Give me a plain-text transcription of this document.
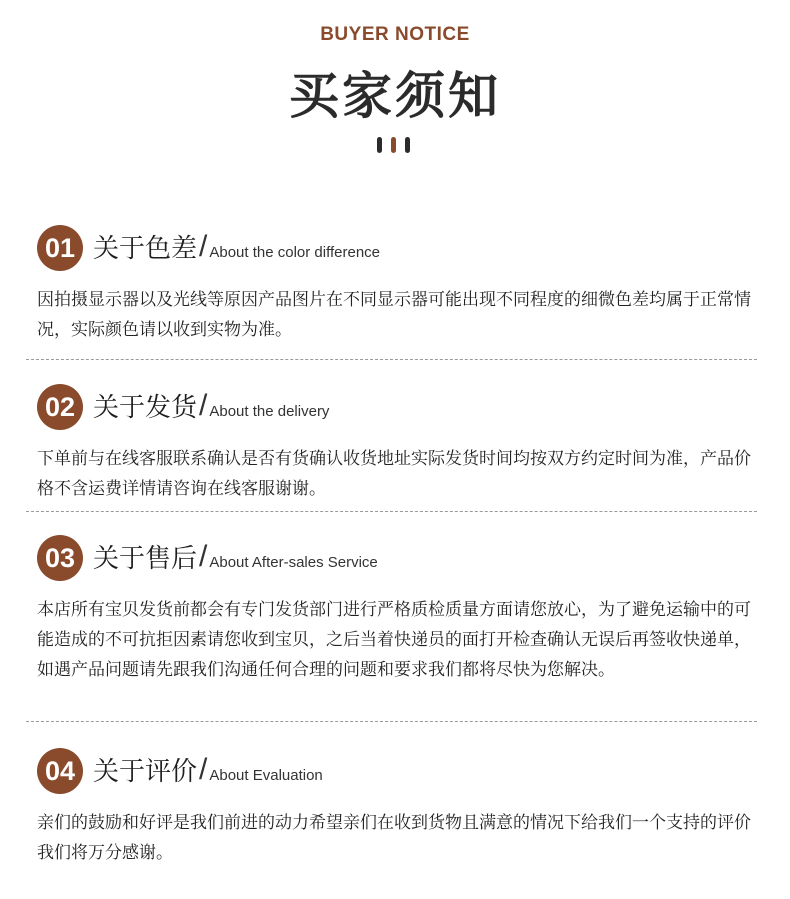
BUYER NOTICE
买家须知
01 关于色差/ About the color difference
因拍摄显示器以及光线等原因产品图片在不同显示器可能出现不同程度的细微色差均属于正常情况，实际颜色请以收到实物为准。
02 关于发货/ About the delivery
下单前与在线客服联系确认是否有货确认收货地址实际发货时间均按双方约定时间为准，产品价格不含运费详情请咨询在线客服谢谢。
03 关于售后/ About After-sales Service
本店所有宝贝发货前都会有专门发货部门进行严格质检质量方面请您放心，为了避免运输中的可能造成的不可抗拒因素请您收到宝贝，之后当着快递员的面打开检查确认无误后再签收快递单，如遇产品问题请先跟我们沟通任何合理的问题和要求我们都将尽快为您解决。
04 关于评价/ About Evaluation
亲们的鼓励和好评是我们前进的动力希望亲们在收到货物且满意的情况下给我们一个支持的评价我们将万分感谢。
